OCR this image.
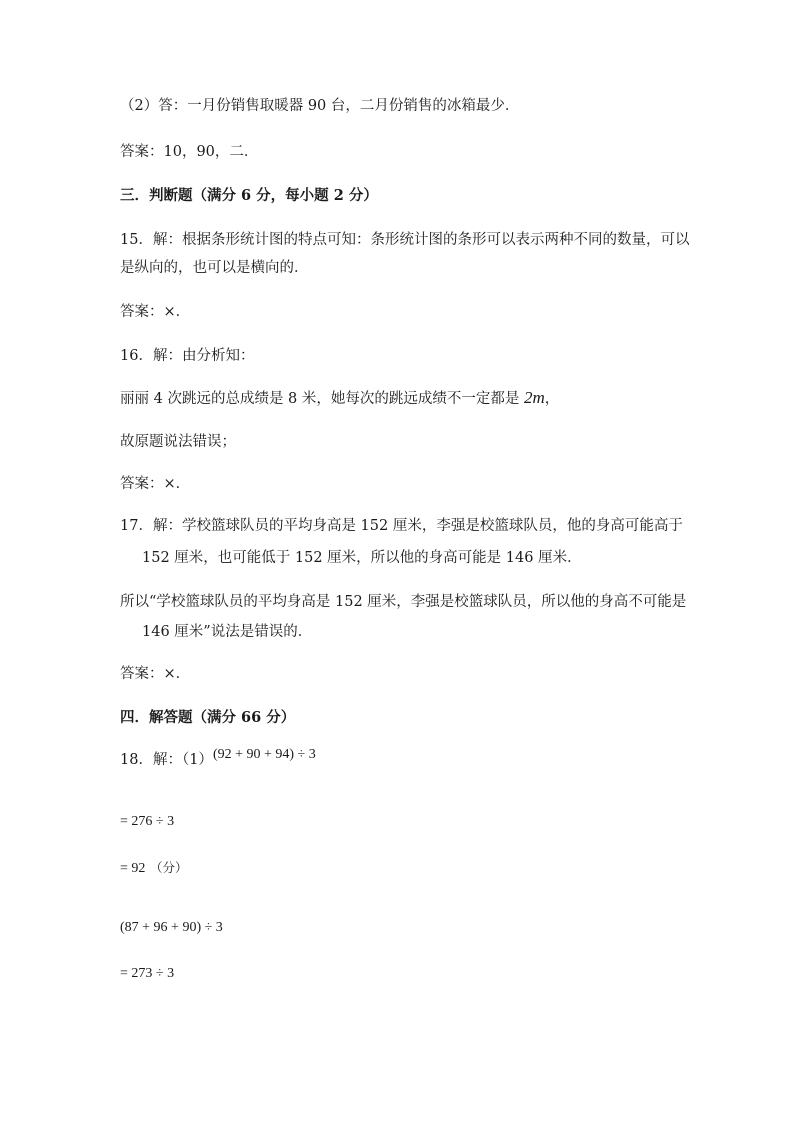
（2）答：一月份销售取暖器 90 台，二月份销售的冰箱最少．
答案：10，90，二．
三．判断题（满分 6 分，每小题 2 分）
15．解：根据条形统计图的特点可知：条形统计图的条形可以表示两种不同的数量，可以
是纵向的，也可以是横向的．
答案：×．
16．解：由分析知：
丽丽 4 次跳远的总成绩是 8 米，她每次的跳远成绩不一定都是 2m，
故原题说法错误；
答案：×．
17．解：学校篮球队员的平均身高是 152 厘米，李强是校篮球队员，他的身高可能高于
152 厘米，也可能低于 152 厘米，所以他的身高可能是 146 厘米．
所以“学校篮球队员的平均身高是 152 厘米，李强是校篮球队员，所以他的身高不可能是
146 厘米”说法是错误的．
答案：×．
四．解答题（满分 66 分）
18．解：（1）(92 + 90 + 94) ÷ 3
= 276 ÷ 3
= 92 （分）
(87 + 96 + 90) ÷ 3
= 273 ÷ 3
